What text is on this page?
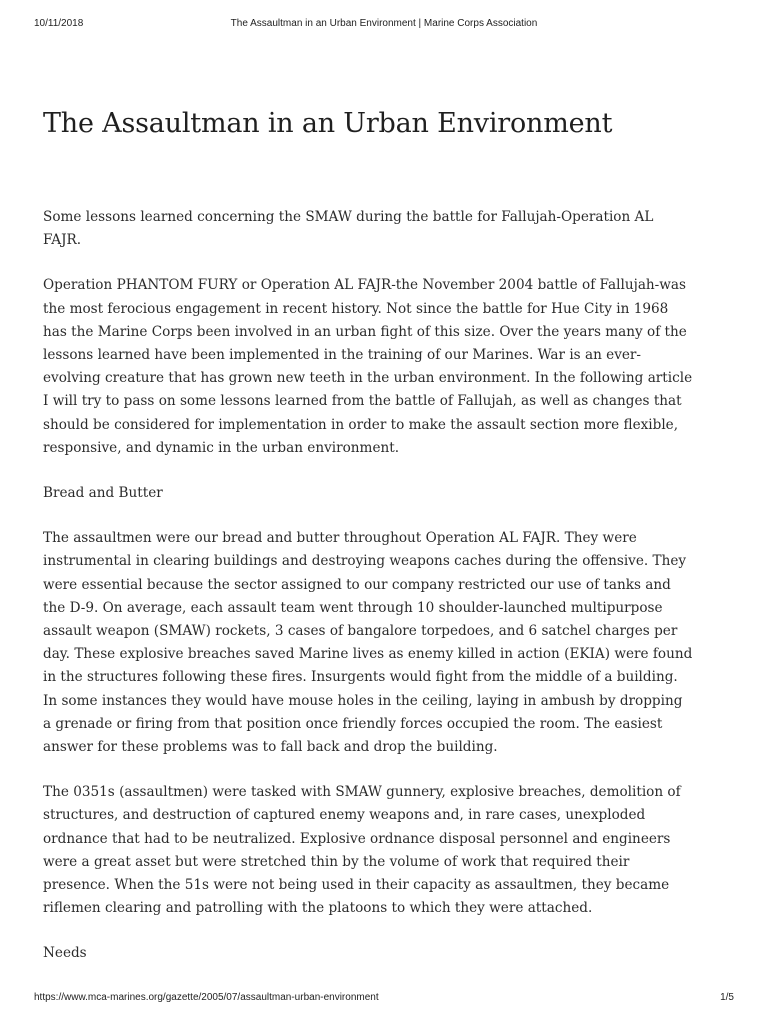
10/11/2018	The Assaultman in an Urban Environment | Marine Corps Association
The Assaultman in an Urban Environment

Some lessons learned concerning the SMAW during the battle for Fallujah-Operation AL FAJR.

Operation PHANTOM FURY or Operation AL FAJR-the November 2004 battle of Fallujah-was the most ferocious engagement in recent history. Not since the battle for Hue City in 1968 has the Marine Corps been involved in an urban fight of this size. Over the years many of the lessons learned have been implemented in the training of our Marines. War is an ever-evolving creature that has grown new teeth in the urban environment. In the following article I will try to pass on some lessons learned from the battle of Fallujah, as well as changes that should be considered for implementation in order to make the assault section more flexible, responsive, and dynamic in the urban environment.

Bread and Butter

The assaultmen were our bread and butter throughout Operation AL FAJR. They were instrumental in clearing buildings and destroying weapons caches during the offensive. They were essential because the sector assigned to our company restricted our use of tanks and the D-9. On average, each assault team went through 10 shoulder-launched multipurpose assault weapon (SMAW) rockets, 3 cases of bangalore torpedoes, and 6 satchel charges per day. These explosive breaches saved Marine lives as enemy killed in action (EKIA) were found in the structures following these fires. Insurgents would fight from the middle of a building. In some instances they would have mouse holes in the ceiling, laying in ambush by dropping a grenade or firing from that position once friendly forces occupied the room. The easiest answer for these problems was to fall back and drop the building.

The 0351s (assaultmen) were tasked with SMAW gunnery, explosive breaches, demolition of structures, and destruction of captured enemy weapons and, in rare cases, unexploded ordnance that had to be neutralized. Explosive ordnance disposal personnel and engineers were a great asset but were stretched thin by the volume of work that required their presence. When the 51s were not being used in their capacity as assaultmen, they became riflemen clearing and patrolling with the platoons to which they were attached.

Needs

https://www.mca-marines.org/gazette/2005/07/assaultman-urban-environment	1/5
